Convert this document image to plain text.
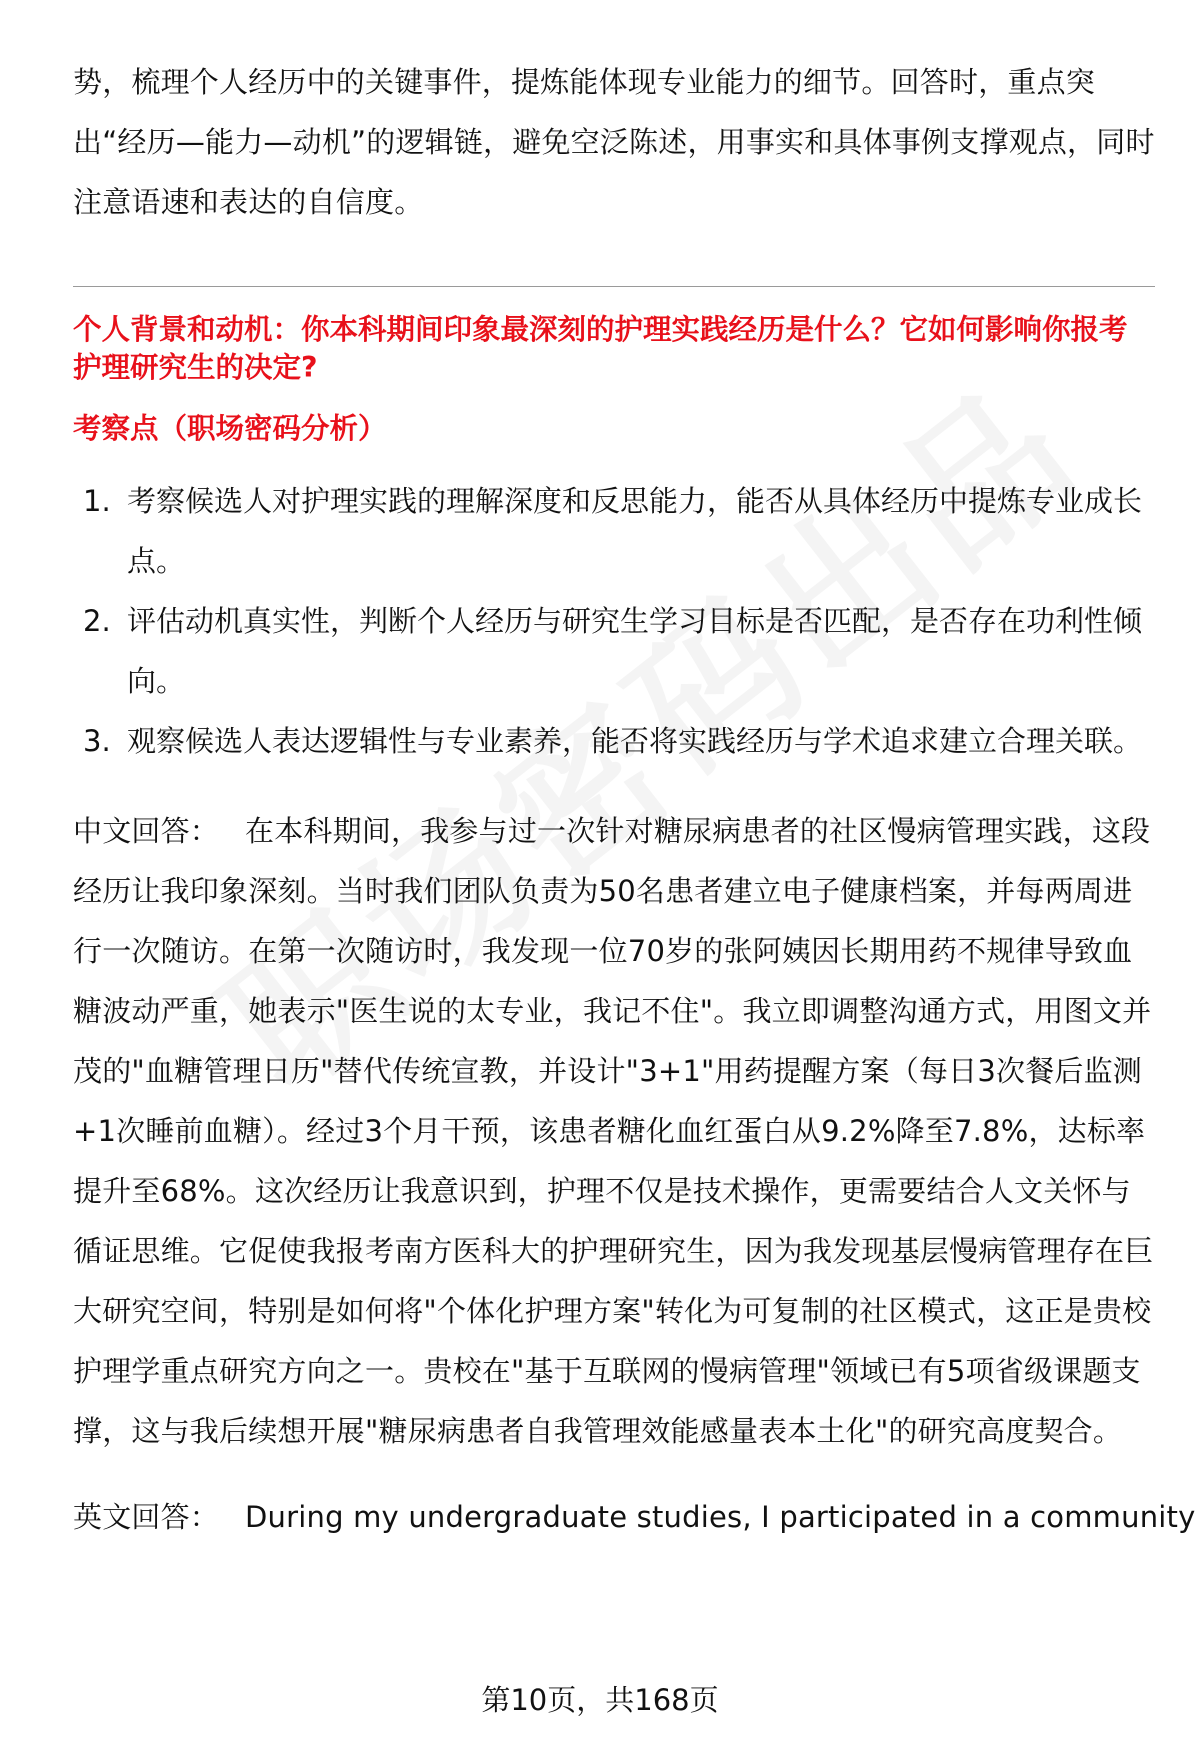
势，梳理个人经历中的关键事件，提炼能体现专业能力的细节。回答时，重点突出“经历—能力—动机”的逻辑链，避免空泛陈述，用事实和具体事例支撑观点，同时注意语速和表达的自信度。

个人背景和动机：你本科期间印象最深刻的护理实践经历是什么？它如何影响你报考护理研究生的决定?
考察点（职场密码分析）
1. 考察候选人对护理实践的理解深度和反思能力，能否从具体经历中提炼专业成长点。
2. 评估动机真实性，判断个人经历与研究生学习目标是否匹配，是否存在功利性倾向。
3. 观察候选人表达逻辑性与专业素养，能否将实践经历与学术追求建立合理关联。

中文回答： 在本科期间，我参与过一次针对糖尿病患者的社区慢病管理实践，这段经历让我印象深刻。当时我们团队负责为50名患者建立电子健康档案，并每两周进行一次随访。在第一次随访时，我发现一位70岁的张阿姨因长期用药不规律导致血糖波动严重，她表示"医生说的太专业，我记不住"。我立即调整沟通方式，用图文并茂的"血糖管理日历"替代传统宣教，并设计"3+1"用药提醒方案（每日3次餐后监测+1次睡前血糖）。经过3个月干预，该患者糖化血红蛋白从9.2%降至7.8%，达标率提升至68%。这次经历让我意识到，护理不仅是技术操作，更需要结合人文关怀与循证思维。它促使我报考南方医科大的护理研究生，因为我发现基层慢病管理存在巨大研究空间，特别是如何将"个体化护理方案"转化为可复制的社区模式，这正是贵校护理学重点研究方向之一。贵校在"基于互联网的慢病管理"领域已有5项省级课题支撑，这与我后续想开展"糖尿病患者自我管理效能感量表本土化"的研究高度契合。

英文回答： During my undergraduate studies, I participated in a community

第10页，共168页
